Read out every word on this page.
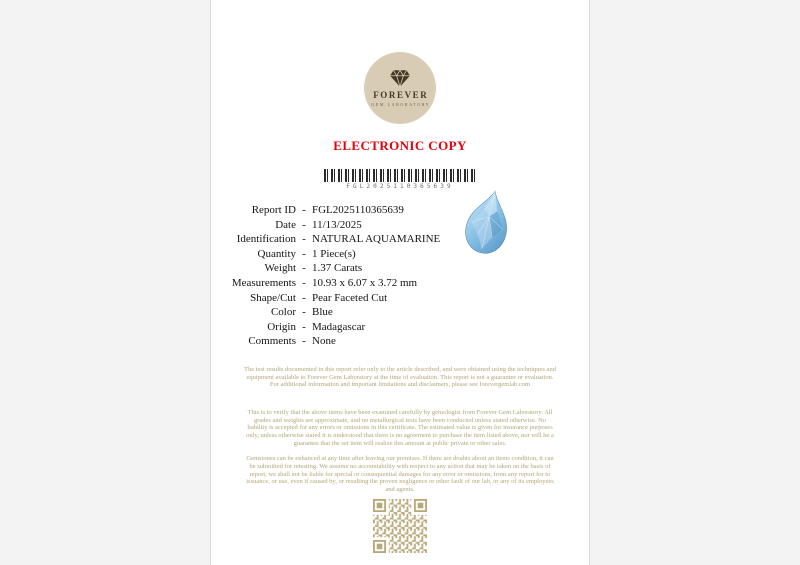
FOREVER
GEM LABORATORY
ELECTRONIC COPY
FGL2025110365639
Report ID - FGL2025110365639
Date - 11/13/2025
Identification - NATURAL AQUAMARINE
Quantity - 1 Piece(s)
Weight - 1.37 Carats
Measurements - 10.93 x 6.07 x 3.72 mm
Shape/Cut - Pear Faceted Cut
Color - Blue
Origin - Madagascar
Comments - None

The test results documented in this report refer only to the article described, and were obtained using the techniques and equipment available to Forever Gem Laboratory at the time of evaluation. This report is not a guarantee or evaluation. For additional information and important limitations and disclaimers, please see forevergemlab.com

This is to verify that the above items have been examined carefully by gemologist from Forever Gem Laboratory. All grades and weights are approximate, and no metallurgical tests have been conducted unless stated otherwise. No liability is accepted for any errors or omissions in this certificate. The estimated value is given for insurance purposes only, unless otherwise stated it is understood that there is no agreement to purchase the item listed above, nor will be a guarantee that the set item will realize this amount at public private or other sales.

Gemstones can be enhanced at any time after leaving our premises. If there are doubts about an items condition, it can be submitted for retesting. We assume no accountability with respect to any action that may be taken on the basis of report, we shall not be liable for special or consequential damages for any error or omissions, from any report for to issuance, or use, even if caused by, or resulting the proven negligence or other fault of our lab, or any of its employees and agents.
